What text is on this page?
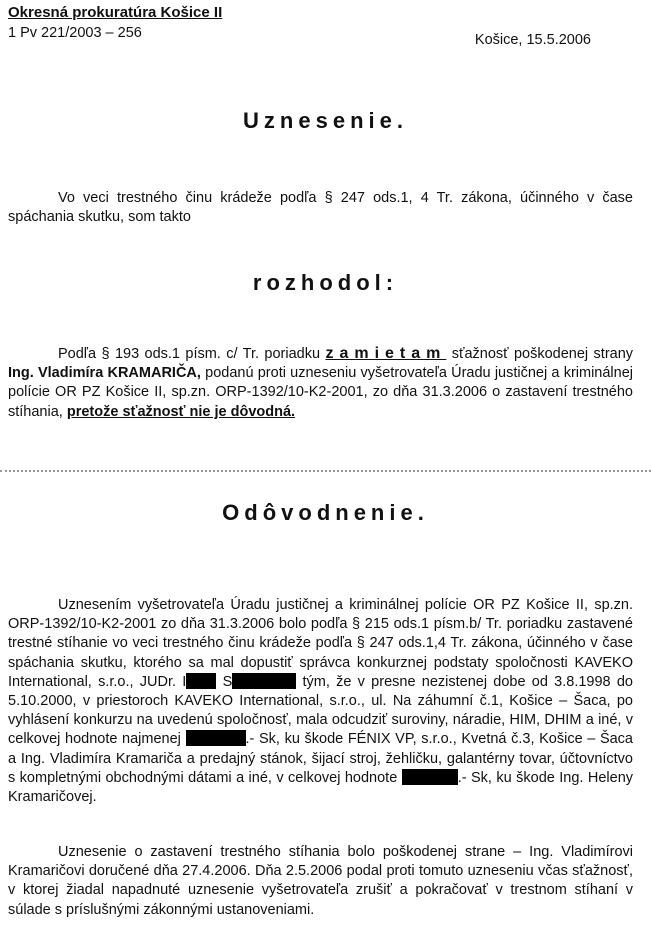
Okresná prokuratúra Košice II
1 Pv 221/2003 – 256	Košice, 15.5.2006
Uznesenie.
Vo veci trestného činu krádeže podľa § 247 ods.1, 4 Tr. zákona, účinného v čase spáchania skutku, som takto
rozhodol:
Podľa § 193 ods.1 písm. c/ Tr. poriadku zamietam sťažnosť poškodenej strany Ing. Vladimíra KRAMARIČA, podanú proti uzneseniu vyšetrovateľa Úradu justičnej a kriminálnej polície OR PZ Košice II, sp.zn. ORP-1392/10-K2-2001, zo dňa 31.3.2006 o zastavení trestného stíhania, pretože sťažnosť nie je dôvodná.
Odôvodnenie.
Uznesením vyšetrovateľa Úradu justičnej a kriminálnej polície OR PZ Košice II, sp.zn. ORP-1392/10-K2-2001 zo dňa 31.3.2006 bolo podľa § 215 ods.1 písm.b/ Tr. poriadku zastavené trestné stíhanie vo veci trestného činu krádeže podľa § 247 ods.1,4 Tr. zákona, účinného v čase spáchania skutku, ktorého sa mal dopustiť správca konkurznej podstaty spoločnosti KAVEKO International, s.r.o., JUDr. I	S	tým, že v presne nezistenej dobe od 3.8.1998 do 5.10.2000, v priestoroch KAVEKO International, s.r.o., ul. Na záhumní č.1, Košice – Šaca, po vyhlásení konkurzu na uvedenú spoločnosť, mala odcudziť suroviny, náradie, HIM, DHIM a iné, v celkovej hodnote najmenej	.- Sk, ku škode FÉNIX VP, s.r.o., Kvetná č.3, Košice – Šaca a Ing. Vladimíra Kramariča a predajný stánok, šijací stroj, žehličku, galantérny tovar, účtovníctvo s kompletnými obchodnými dátami a iné, v celkovej hodnote	.- Sk, ku škode Ing. Heleny Kramaričovej.
Uznesenie o zastavení trestného stíhania bolo poškodenej strane – Ing. Vladimírovi Kramaričovi doručené dňa 27.4.2006. Dňa 2.5.2006 podal proti tomuto uzneseniu včas sťažnosť, v ktorej žiadal napadnuté uznesenie vyšetrovateľa zrušiť a pokračovať v trestnom stíhaní v súlade s príslušnými zákonnými ustanoveniami.
